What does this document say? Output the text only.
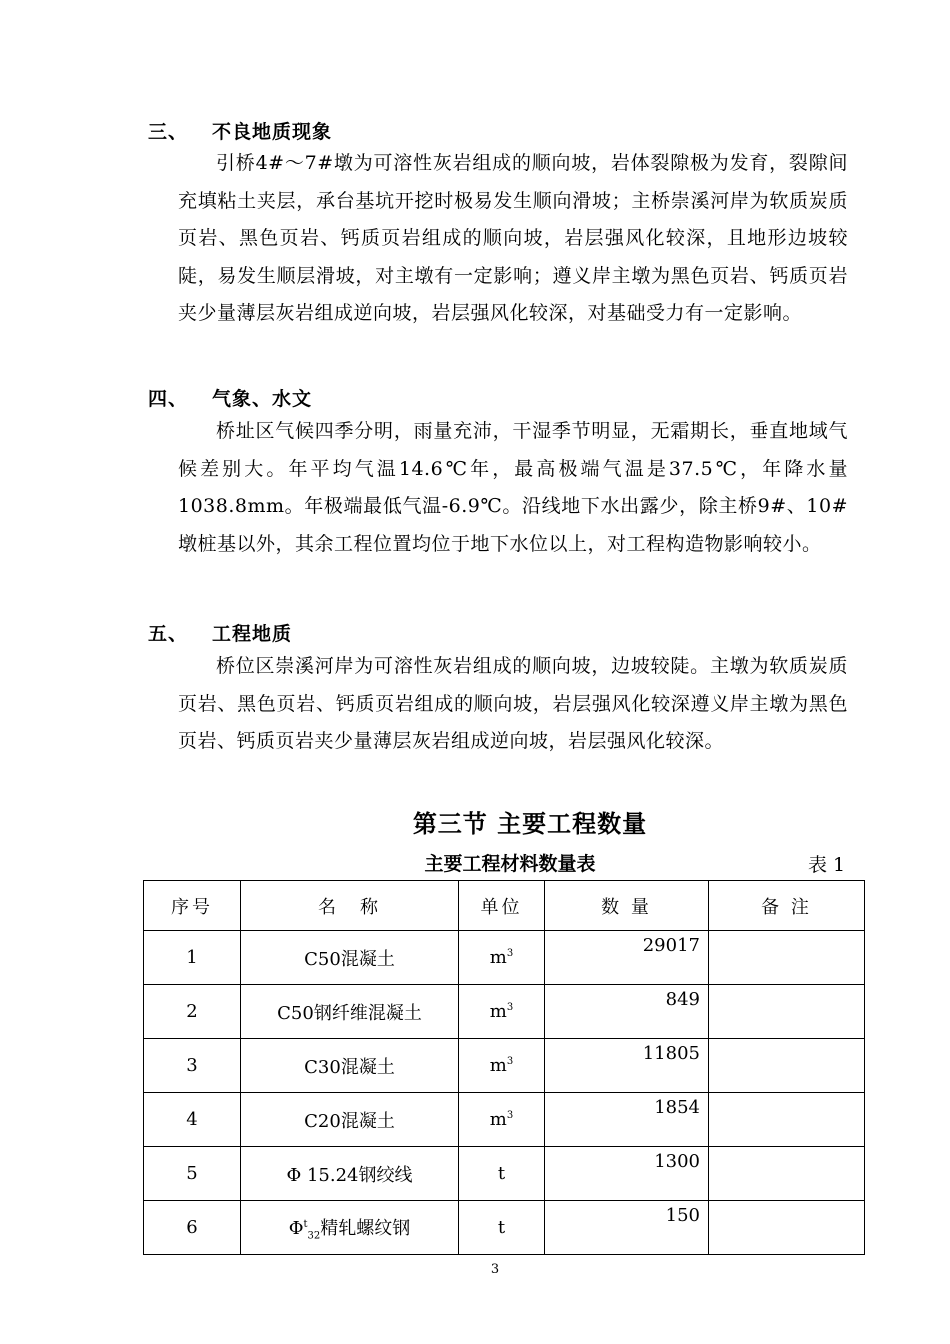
三、 不良地质现象

引桥4#～7#墩为可溶性灰岩组成的顺向坡，岩体裂隙极为发育，裂隙间充填粘土夹层，承台基坑开挖时极易发生顺向滑坡；主桥崇溪河岸为软质炭质页岩、黑色页岩、钙质页岩组成的顺向坡，岩层强风化较深，且地形边坡较陡，易发生顺层滑坡，对主墩有一定影响；遵义岸主墩为黑色页岩、钙质页岩夹少量薄层灰岩组成逆向坡，岩层强风化较深，对基础受力有一定影响。

四、 气象、水文

桥址区气候四季分明，雨量充沛，干湿季节明显，无霜期长，垂直地域气候差别大。年平均气温14.6℃年，最高极端气温是37.5℃，年降水量1038.8mm。年极端最低气温-6.9℃。沿线地下水出露少，除主桥9#、10#墩桩基以外，其余工程位置均位于地下水位以上，对工程构造物影响较小。

五、 工程地质

桥位区崇溪河岸为可溶性灰岩组成的顺向坡，边坡较陡。主墩为软质炭质页岩、黑色页岩、钙质页岩组成的顺向坡，岩层强风化较深遵义岸主墩为黑色页岩、钙质页岩夹少量薄层灰岩组成逆向坡，岩层强风化较深。

第三节 主要工程数量
主要工程材料数量表	表 1
序号	名　称	单位	数 量	备 注
1	C50混凝土	$m^3$	29017	
2	C50钢纤维混凝土	$m^3$	849	
3	C30混凝土	$m^3$	11805	
4	C20混凝土	$m^3$	1854	
5	Φ 15.24钢绞线	t	1300	
6	$\Phi^t_{32}$精轧螺纹钢	t	150	
3
